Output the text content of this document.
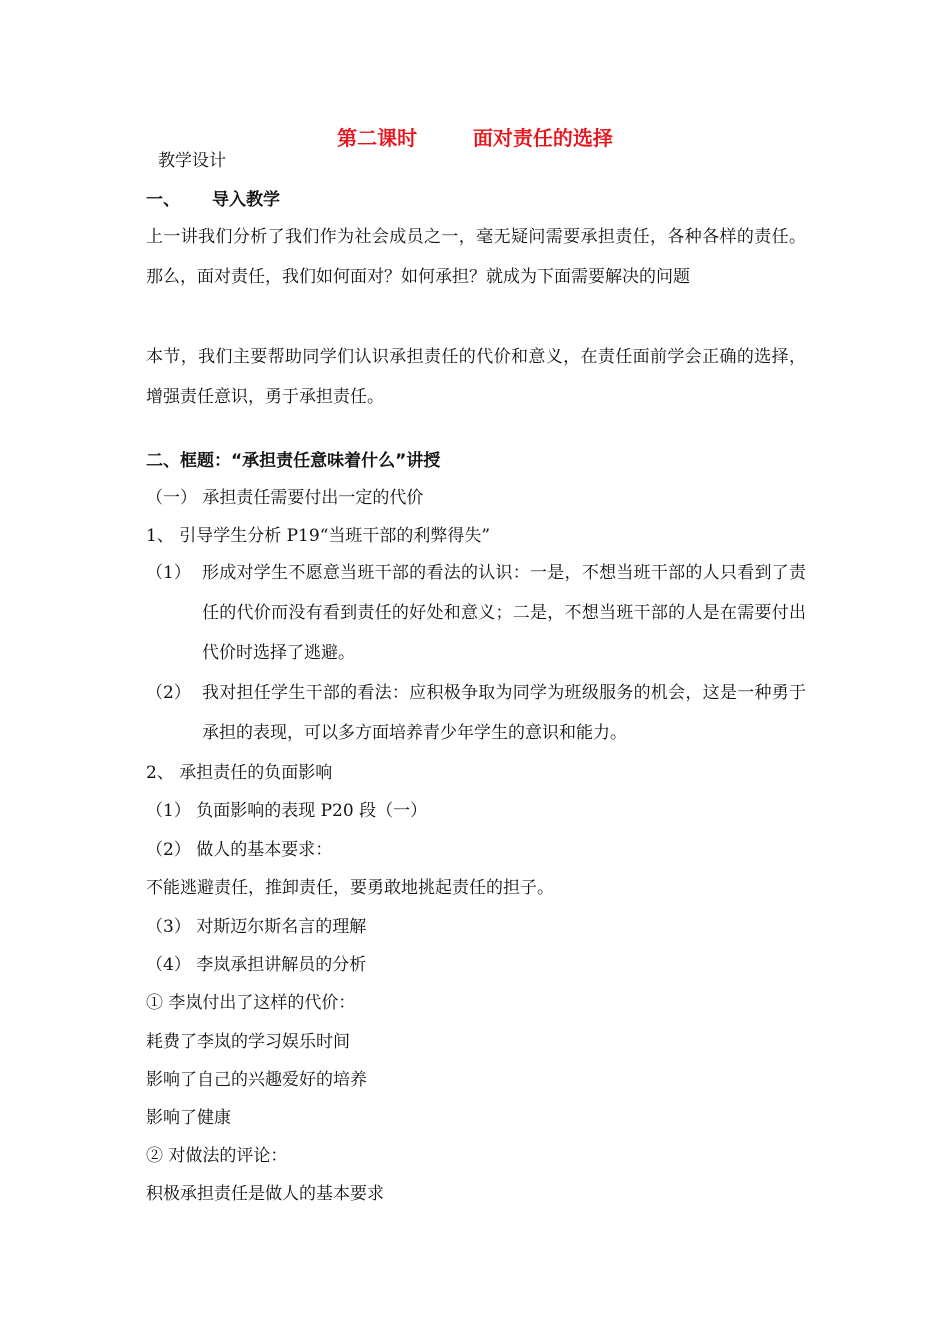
第二课时        面对责任的选择
教学设计
一、 导入教学
上一讲我们分析了我们作为社会成员之一，毫无疑问需要承担责任，各种各样的责任。那么，面对责任，我们如何面对？如何承担？就成为下面需要解决的问题
本节，我们主要帮助同学们认识承担责任的代价和意义，在责任面前学会正确的选择，增强责任意识，勇于承担责任。
二、框题：“承担责任意味着什么”讲授
（一） 承担责任需要付出一定的代价
1、 引导学生分析 P19“当班干部的利弊得失”
（1） 形成对学生不愿意当班干部的看法的认识：一是，不想当班干部的人只看到了责任的代价而没有看到责任的好处和意义；二是，不想当班干部的人是在需要付出代价时选择了逃避。
（2） 我对担任学生干部的看法：应积极争取为同学为班级服务的机会，这是一种勇于承担的表现，可以多方面培养青少年学生的意识和能力。
2、 承担责任的负面影响
（1） 负面影响的表现 P20 段（一）
（2） 做人的基本要求：
不能逃避责任，推卸责任，要勇敢地挑起责任的担子。
（3） 对斯迈尔斯名言的理解
（4） 李岚承担讲解员的分析
① 李岚付出了这样的代价：
耗费了李岚的学习娱乐时间
影响了自己的兴趣爱好的培养
影响了健康
② 对做法的评论：
积极承担责任是做人的基本要求
